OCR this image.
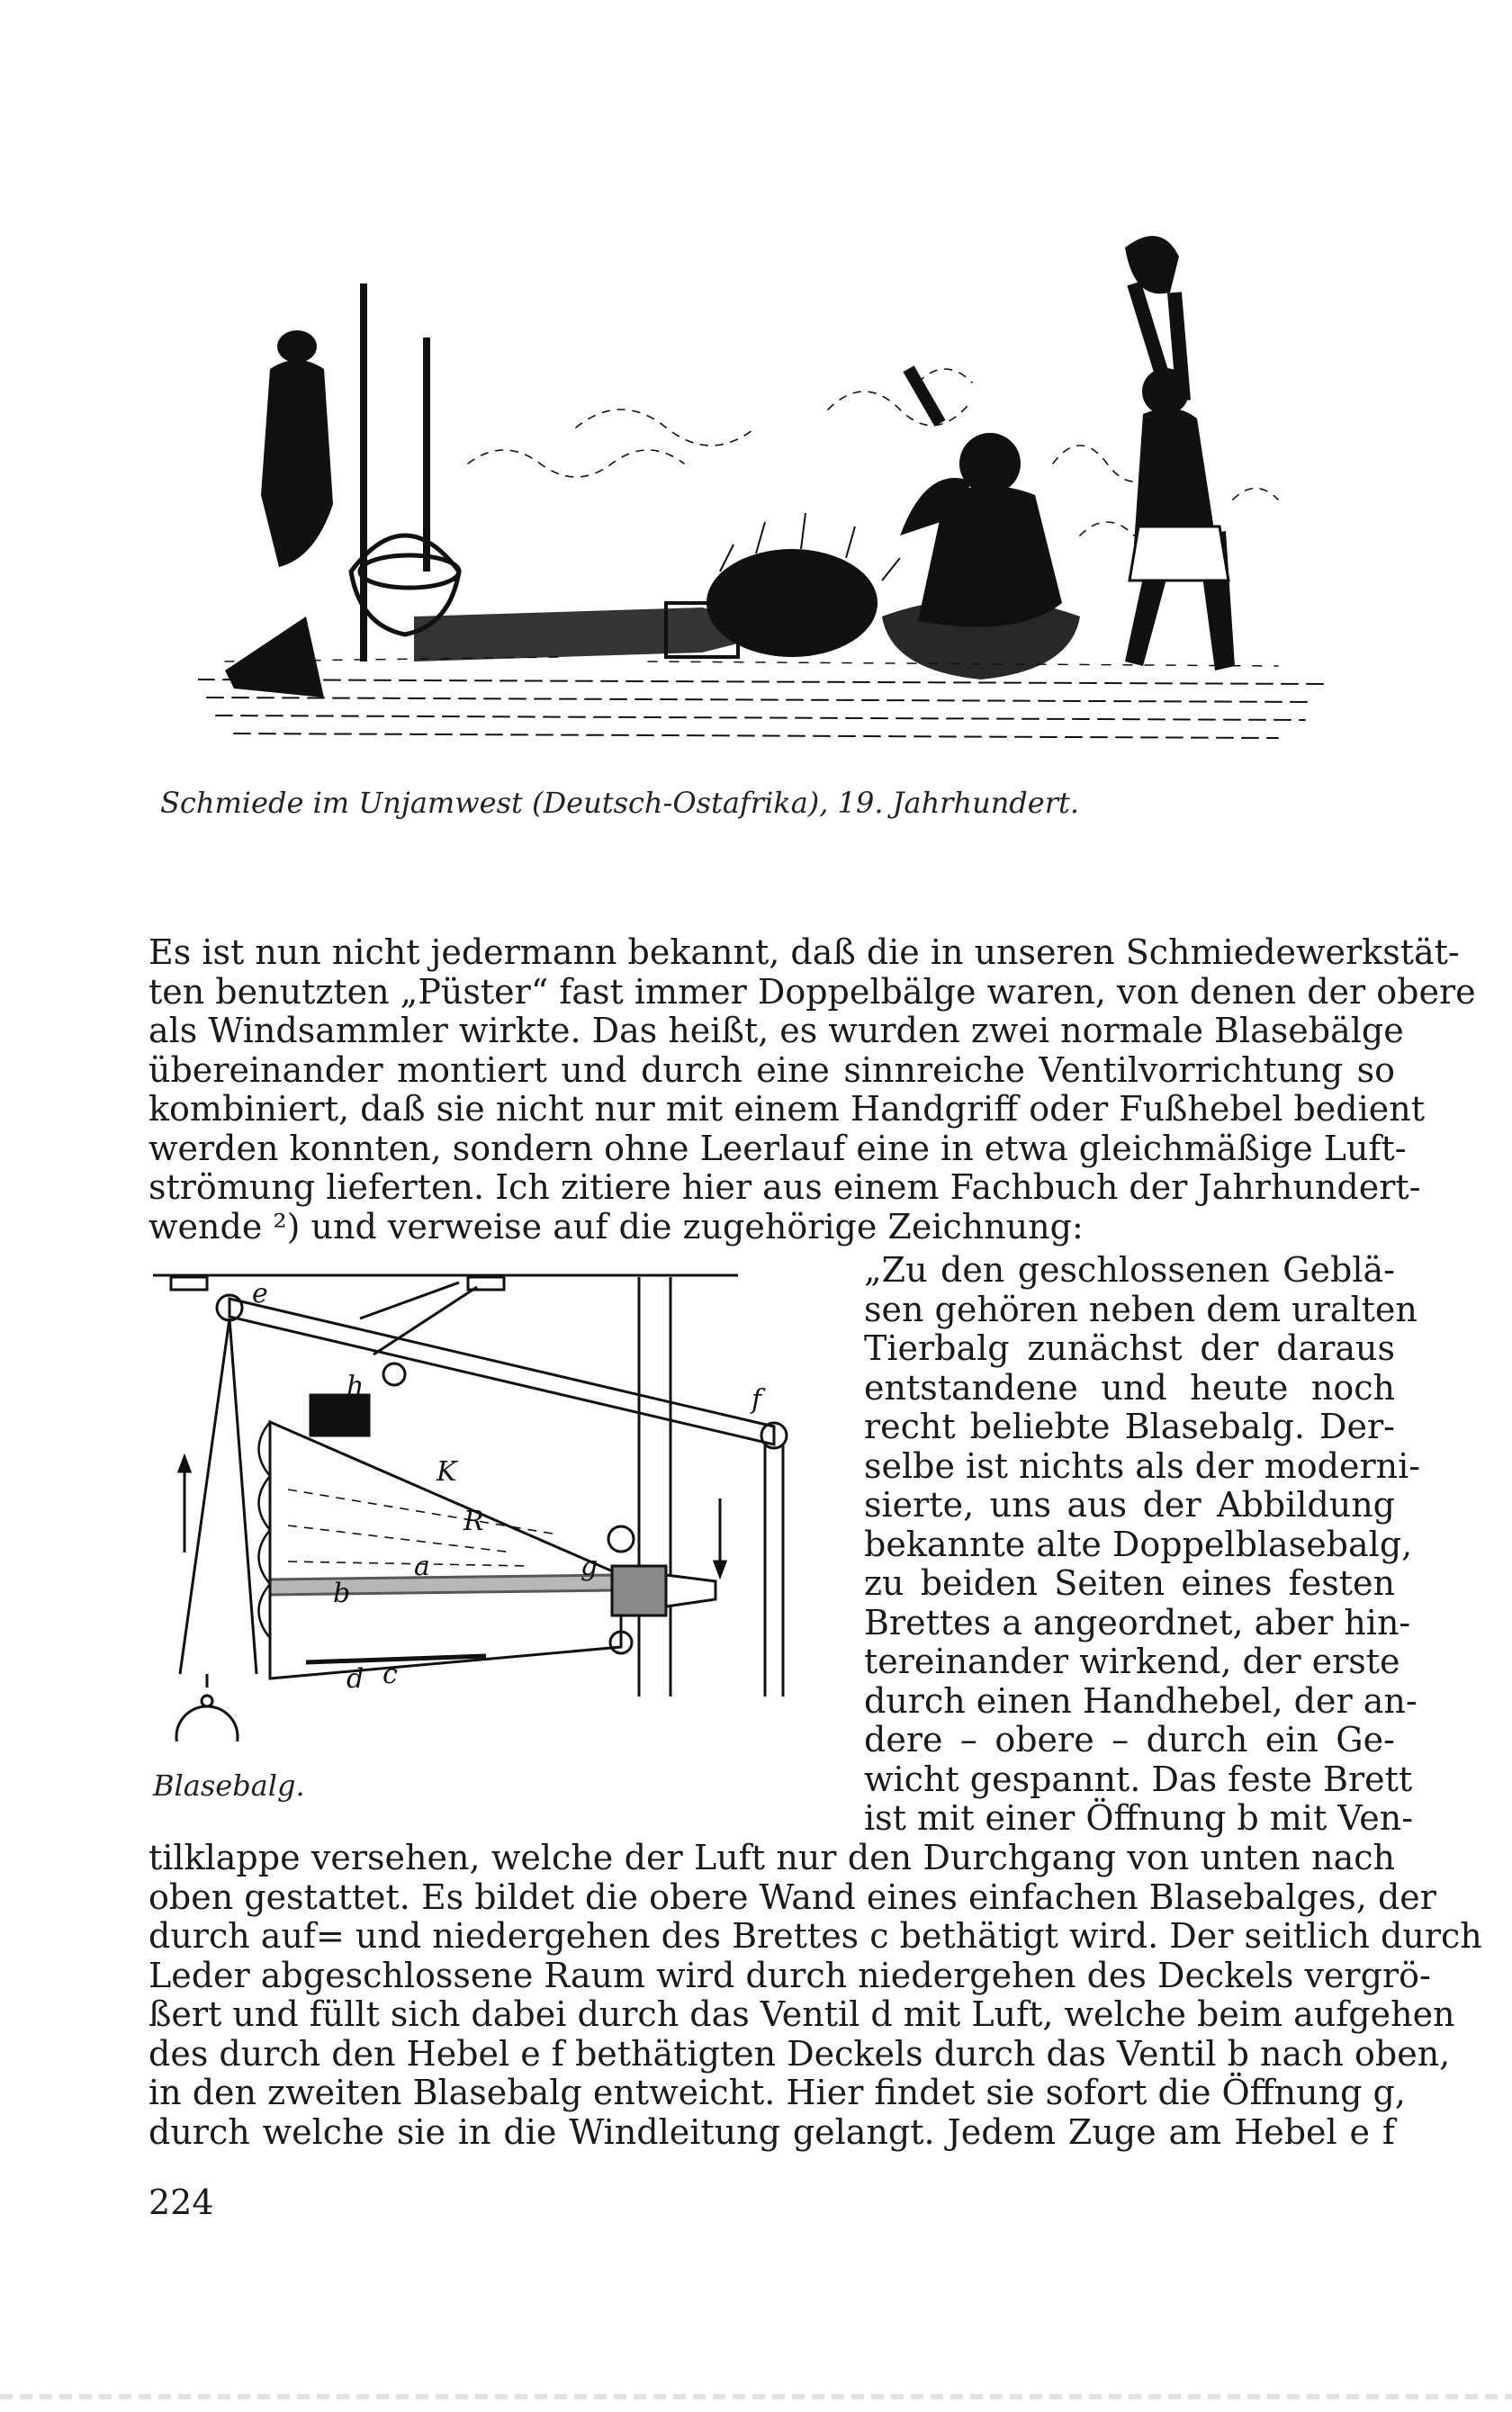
Schmiede im Unjamwest (Deutsch-Ostafrika), 19. Jahrhundert.

Es ist nun nicht jedermann bekannt, daß die in unseren Schmiedewerkstät-
ten benutzten „Püster“ fast immer Doppelbälge waren, von denen der obere
als Windsammler wirkte. Das heißt, es wurden zwei normale Blasebälge
übereinander montiert und durch eine sinnreiche Ventilvorrichtung so
kombiniert, daß sie nicht nur mit einem Handgriff oder Fußhebel bedient
werden konnten, sondern ohne Leerlauf eine in etwa gleichmäßige Luft-
strömung lieferten. Ich zitiere hier aus einem Fachbuch der Jahrhundert-
wende ²) und verweise auf die zugehörige Zeichnung:

e
f
h
K
R
a	g
b
d c
Blasebalg.

„Zu den geschlossenen Geblä-
sen gehören neben dem uralten
Tierbalg zunächst der daraus
entstandene und heute noch
recht beliebte Blasebalg. Der-
selbe ist nichts als der moderni-
sierte, uns aus der Abbildung
bekannte alte Doppelblasebalg,
zu beiden Seiten eines festen
Brettes a angeordnet, aber hin-
tereinander wirkend, der erste
durch einen Handhebel, der an-
dere – obere – durch ein Ge-
wicht gespannt. Das feste Brett
ist mit einer Öffnung b mit Ven-

tilklappe versehen, welche der Luft nur den Durchgang von unten nach
oben gestattet. Es bildet die obere Wand eines einfachen Blasebalges, der
durch auf= und niedergehen des Brettes c bethätigt wird. Der seitlich durch
Leder abgeschlossene Raum wird durch niedergehen des Deckels vergrö-
ßert und füllt sich dabei durch das Ventil d mit Luft, welche beim aufgehen
des durch den Hebel e f bethätigten Deckels durch das Ventil b nach oben,
in den zweiten Blasebalg entweicht. Hier findet sie sofort die Öffnung g,
durch welche sie in die Windleitung gelangt. Jedem Zuge am Hebel e f

224
